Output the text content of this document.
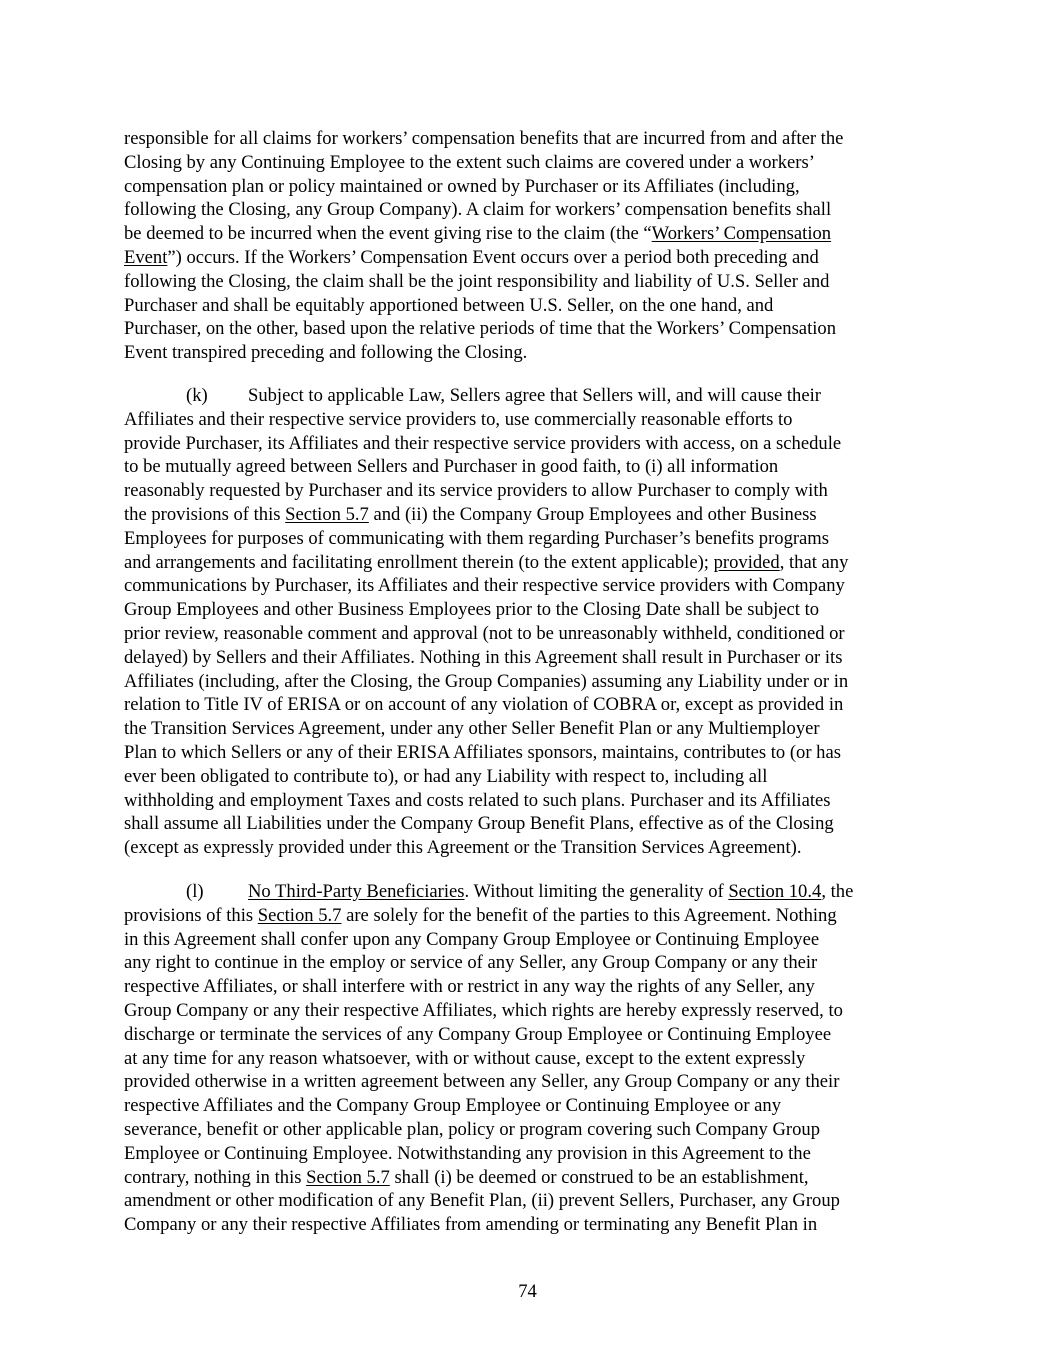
responsible for all claims for workers’ compensation benefits that are incurred from and after the
Closing by any Continuing Employee to the extent such claims are covered under a workers’
compensation plan or policy maintained or owned by Purchaser or its Affiliates (including,
following the Closing, any Group Company). A claim for workers’ compensation benefits shall
be deemed to be incurred when the event giving rise to the claim (the “Workers’ Compensation
Event”) occurs. If the Workers’ Compensation Event occurs over a period both preceding and
following the Closing, the claim shall be the joint responsibility and liability of U.S. Seller and
Purchaser and shall be equitably apportioned between U.S. Seller, on the one hand, and
Purchaser, on the other, based upon the relative periods of time that the Workers’ Compensation
Event transpired preceding and following the Closing.
(k) Subject to applicable Law, Sellers agree that Sellers will, and will cause their
Affiliates and their respective service providers to, use commercially reasonable efforts to
provide Purchaser, its Affiliates and their respective service providers with access, on a schedule
to be mutually agreed between Sellers and Purchaser in good faith, to (i) all information
reasonably requested by Purchaser and its service providers to allow Purchaser to comply with
the provisions of this Section 5.7 and (ii) the Company Group Employees and other Business
Employees for purposes of communicating with them regarding Purchaser’s benefits programs
and arrangements and facilitating enrollment therein (to the extent applicable); provided, that any
communications by Purchaser, its Affiliates and their respective service providers with Company
Group Employees and other Business Employees prior to the Closing Date shall be subject to
prior review, reasonable comment and approval (not to be unreasonably withheld, conditioned or
delayed) by Sellers and their Affiliates. Nothing in this Agreement shall result in Purchaser or its
Affiliates (including, after the Closing, the Group Companies) assuming any Liability under or in
relation to Title IV of ERISA or on account of any violation of COBRA or, except as provided in
the Transition Services Agreement, under any other Seller Benefit Plan or any Multiemployer
Plan to which Sellers or any of their ERISA Affiliates sponsors, maintains, contributes to (or has
ever been obligated to contribute to), or had any Liability with respect to, including all
withholding and employment Taxes and costs related to such plans. Purchaser and its Affiliates
shall assume all Liabilities under the Company Group Benefit Plans, effective as of the Closing
(except as expressly provided under this Agreement or the Transition Services Agreement).
(l) No Third-Party Beneficiaries. Without limiting the generality of Section 10.4, the
provisions of this Section 5.7 are solely for the benefit of the parties to this Agreement. Nothing
in this Agreement shall confer upon any Company Group Employee or Continuing Employee
any right to continue in the employ or service of any Seller, any Group Company or any their
respective Affiliates, or shall interfere with or restrict in any way the rights of any Seller, any
Group Company or any their respective Affiliates, which rights are hereby expressly reserved, to
discharge or terminate the services of any Company Group Employee or Continuing Employee
at any time for any reason whatsoever, with or without cause, except to the extent expressly
provided otherwise in a written agreement between any Seller, any Group Company or any their
respective Affiliates and the Company Group Employee or Continuing Employee or any
severance, benefit or other applicable plan, policy or program covering such Company Group
Employee or Continuing Employee. Notwithstanding any provision in this Agreement to the
contrary, nothing in this Section 5.7 shall (i) be deemed or construed to be an establishment,
amendment or other modification of any Benefit Plan, (ii) prevent Sellers, Purchaser, any Group
Company or any their respective Affiliates from amending or terminating any Benefit Plan in
74
